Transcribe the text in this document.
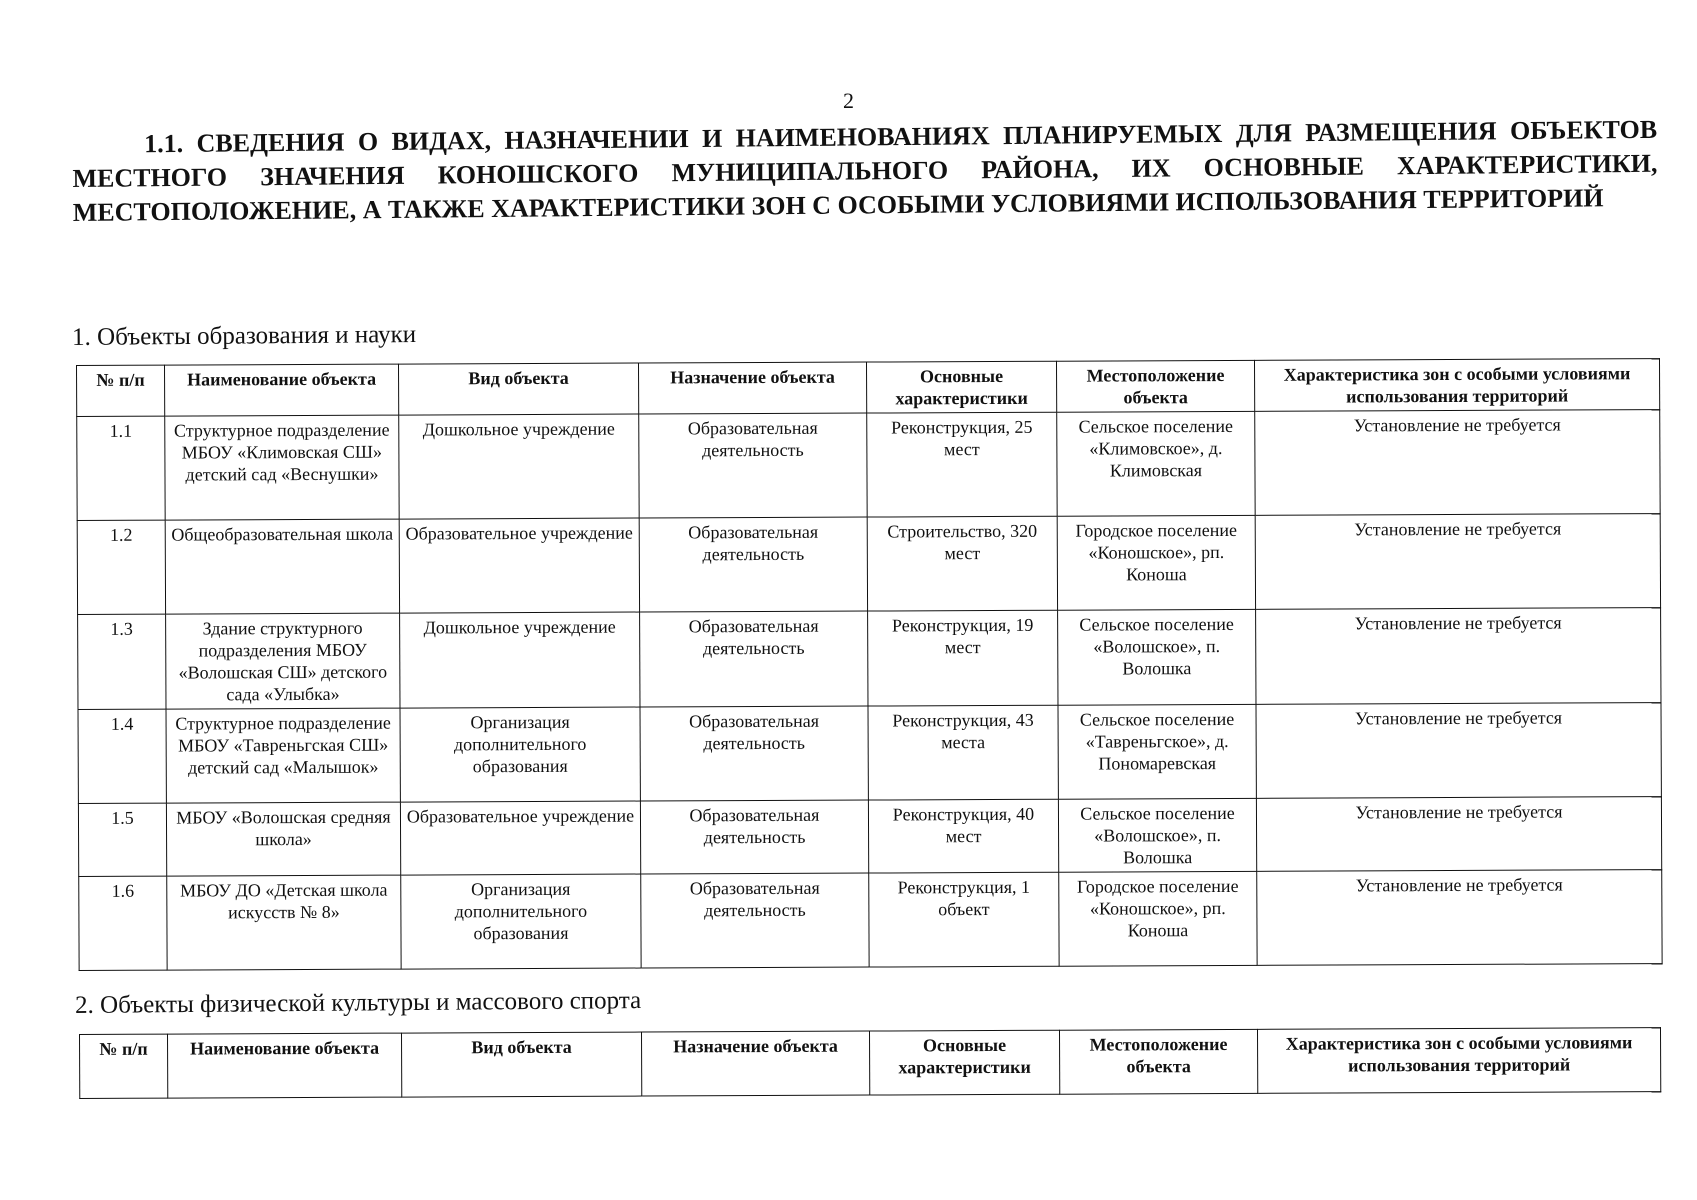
2
1.1. СВЕДЕНИЯ О ВИДАХ, НАЗНАЧЕНИИ И НАИМЕНОВАНИЯХ ПЛАНИРУЕМЫХ ДЛЯ РАЗМЕЩЕНИЯ ОБЪЕКТОВ МЕСТНОГО ЗНАЧЕНИЯ КОНОШСКОГО МУНИЦИПАЛЬНОГО РАЙОНА, ИХ ОСНОВНЫЕ ХАРАКТЕРИСТИКИ, МЕСТОПОЛОЖЕНИЕ, А ТАКЖЕ ХАРАКТЕРИСТИКИ ЗОН С ОСОБЫМИ УСЛОВИЯМИ ИСПОЛЬЗОВАНИЯ ТЕРРИТОРИЙ
1. Объекты образования и науки
№ п/п	Наименование объекта	Вид объекта	Назначение объекта	Основные характеристики	Местоположение объекта	Характеристика зон с особыми условиями использования территорий
1.1	Структурное подразделение МБОУ «Климовская СШ» детский сад «Веснушки»	Дошкольное учреждение	Образовательная деятельность	Реконструкция, 25 мест	Сельское поселение «Климовское», д. Климовская	Установление не требуется
1.2	Общеобразовательная школа	Образовательное учреждение	Образовательная деятельность	Строительство, 320 мест	Городское поселение «Коношское», рп. Коноша	Установление не требуется
1.3	Здание структурного подразделения МБОУ «Волошская СШ» детского сада «Улыбка»	Дошкольное учреждение	Образовательная деятельность	Реконструкция, 19 мест	Сельское поселение «Волошское», п. Волошка	Установление не требуется
1.4	Структурное подразделение МБОУ «Тавреньгская СШ» детский сад «Малышок»	Организация дополнительного образования	Образовательная деятельность	Реконструкция, 43 места	Сельское поселение «Тавреньгское», д. Пономаревская	Установление не требуется
1.5	МБОУ «Волошская средняя школа»	Образовательное учреждение	Образовательная деятельность	Реконструкция, 40 мест	Сельское поселение «Волошское», п. Волошка	Установление не требуется
1.6	МБОУ ДО «Детская школа искусств № 8»	Организация дополнительного образования	Образовательная деятельность	Реконструкция, 1 объект	Городское поселение «Коношское», рп. Коноша	Установление не требуется
2. Объекты физической культуры и массового спорта
№ п/п	Наименование объекта	Вид объекта	Назначение объекта	Основные характеристики	Местоположение объекта	Характеристика зон с особыми условиями использования территорий
